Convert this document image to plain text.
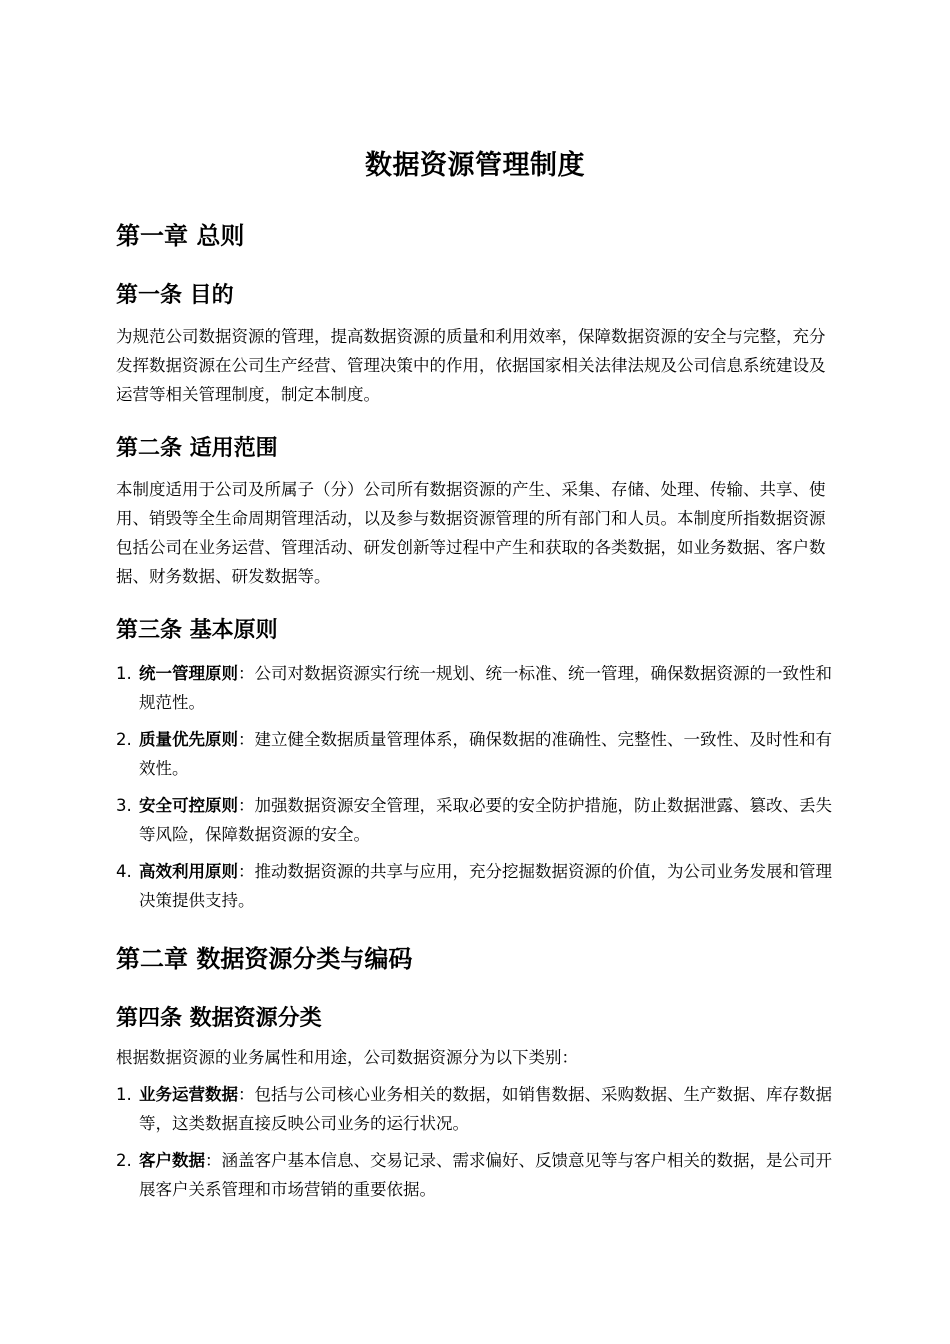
数据资源管理制度
第一章 总则
第一条 目的

为规范公司数据资源的管理，提高数据资源的质量和利用效率，保障数据资源的安全与完整，充分发挥数据资源在公司生产经营、管理决策中的作用，依据国家相关法律法规及公司信息系统建设及运营等相关管理制度，制定本制度。

第二条 适用范围

本制度适用于公司及所属子（分）公司所有数据资源的产生、采集、存储、处理、传输、共享、使用、销毁等全生命周期管理活动，以及参与数据资源管理的所有部门和人员。本制度所指数据资源包括公司在业务运营、管理活动、研发创新等过程中产生和获取的各类数据，如业务数据、客户数据、财务数据、研发数据等。

第三条 基本原则
1. 统一管理原则：公司对数据资源实行统一规划、统一标准、统一管理，确保数据资源的一致性和规范性。
2. 质量优先原则：建立健全数据质量管理体系，确保数据的准确性、完整性、一致性、及时性和有效性。
3. 安全可控原则：加强数据资源安全管理，采取必要的安全防护措施，防止数据泄露、篡改、丢失等风险，保障数据资源的安全。
4. 高效利用原则：推动数据资源的共享与应用，充分挖掘数据资源的价值，为公司业务发展和管理决策提供支持。
第二章 数据资源分类与编码
第四条 数据资源分类

根据数据资源的业务属性和用途，公司数据资源分为以下类别：

1. 业务运营数据：包括与公司核心业务相关的数据，如销售数据、采购数据、生产数据、库存数据等，这类数据直接反映公司业务的运行状况。
2. 客户数据：涵盖客户基本信息、交易记录、需求偏好、反馈意见等与客户相关的数据，是公司开展客户关系管理和市场营销的重要依据。
